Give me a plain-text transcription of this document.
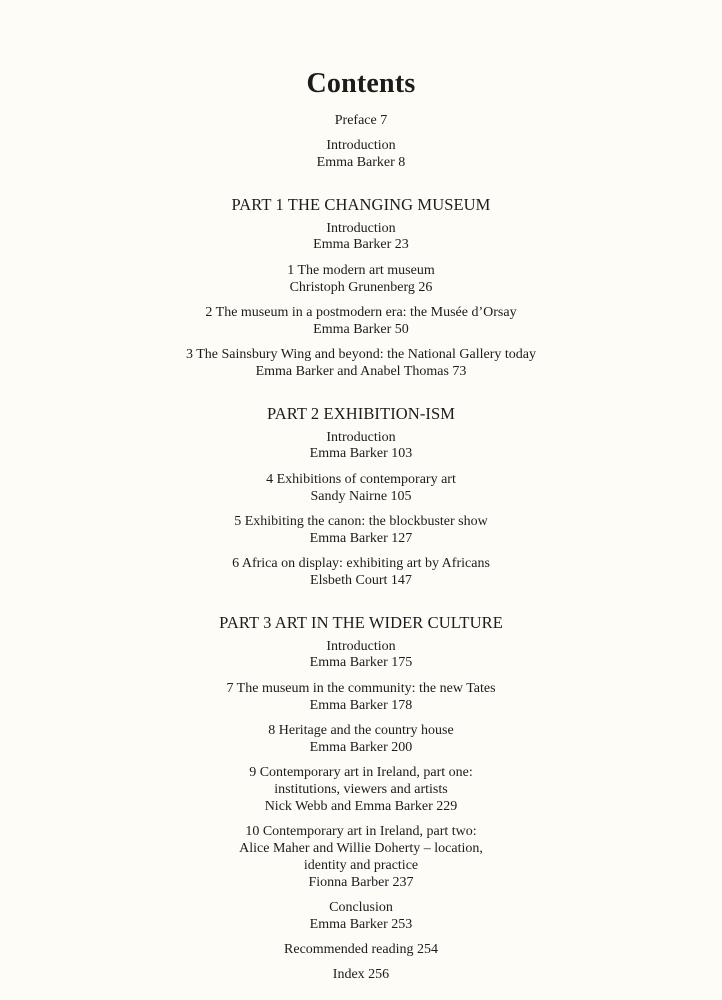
Contents
Preface 7
Introduction
Emma Barker 8
PART 1 THE CHANGING MUSEUM
Introduction
Emma Barker 23
1 The modern art museum
Christoph Grunenberg 26
2 The museum in a postmodern era: the Musée d’Orsay
Emma Barker 50
3 The Sainsbury Wing and beyond: the National Gallery today
Emma Barker and Anabel Thomas 73
PART 2 EXHIBITION-ISM
Introduction
Emma Barker 103
4 Exhibitions of contemporary art
Sandy Nairne 105
5 Exhibiting the canon: the blockbuster show
Emma Barker 127
6 Africa on display: exhibiting art by Africans
Elsbeth Court 147
PART 3 ART IN THE WIDER CULTURE
Introduction
Emma Barker 175
7 The museum in the community: the new Tates
Emma Barker 178
8 Heritage and the country house
Emma Barker 200
9 Contemporary art in Ireland, part one:
institutions, viewers and artists
Nick Webb and Emma Barker 229
10 Contemporary art in Ireland, part two:
Alice Maher and Willie Doherty – location,
identity and practice
Fionna Barber 237
Conclusion
Emma Barker 253
Recommended reading 254
Index 256
